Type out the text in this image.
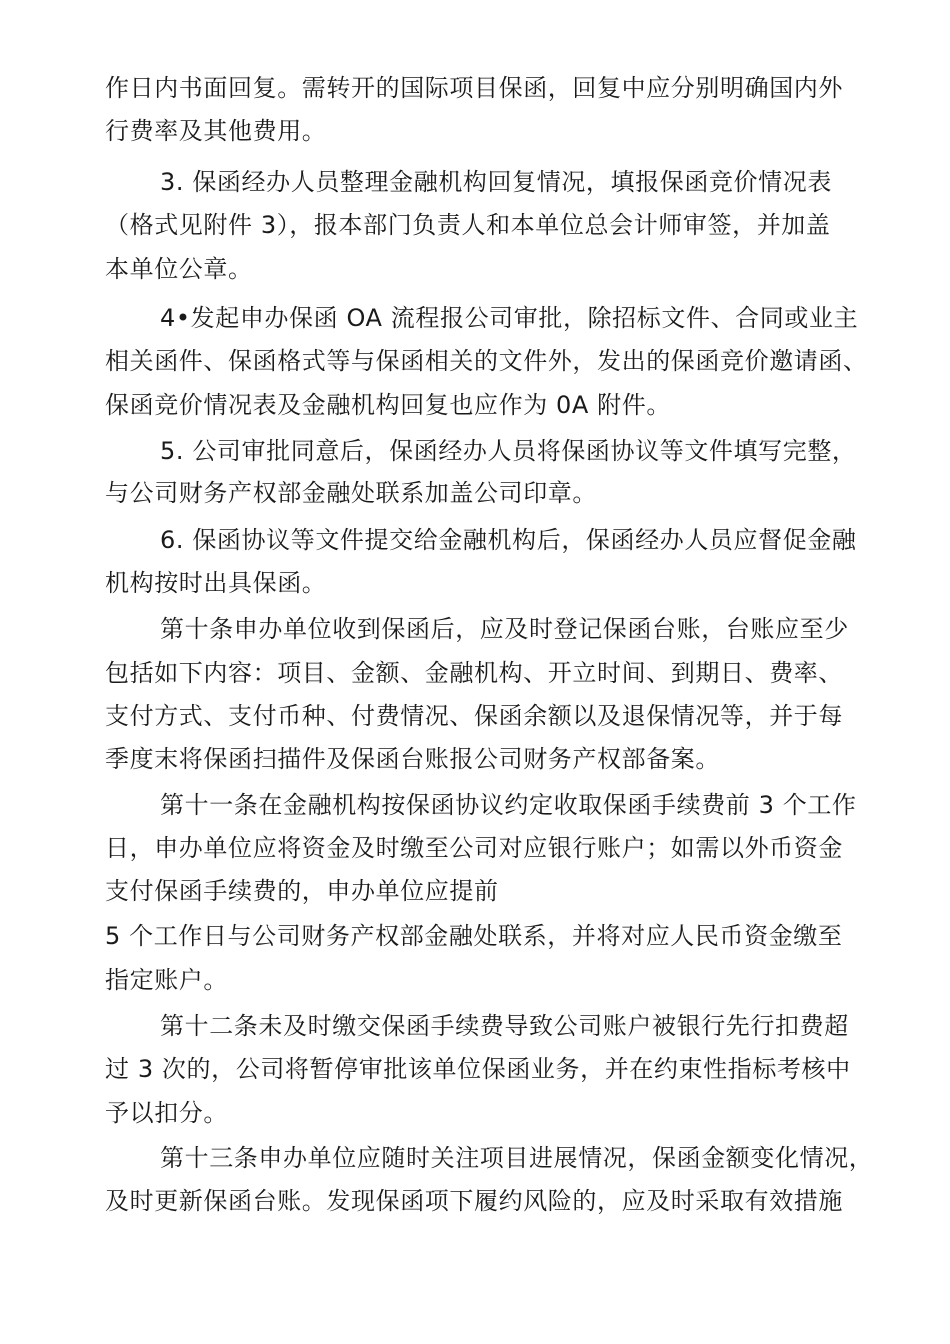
作日内书面回复。需转开的国际项目保函，回复中应分别明确国内外

行费率及其他费用。

3. 保函经办人员整理金融机构回复情况，填报保函竞价情况表

（格式见附件 3），报本部门负责人和本单位总会计师审签，并加盖

本单位公章。

4•发起申办保函 OA 流程报公司审批，除招标文件、合同或业主

相关函件、保函格式等与保函相关的文件外，发出的保函竞价邀请函、

保函竞价情况表及金融机构回复也应作为 0A 附件。

5. 公司审批同意后，保函经办人员将保函协议等文件填写完整，

与公司财务产权部金融处联系加盖公司印章。

6. 保函协议等文件提交给金融机构后，保函经办人员应督促金融

机构按时出具保函。

第十条申办单位收到保函后，应及时登记保函台账，台账应至少

包括如下内容：项目、金额、金融机构、开立时间、到期日、费率、

支付方式、支付币种、付费情况、保函余额以及退保情况等，并于每

季度末将保函扫描件及保函台账报公司财务产权部备案。

第十一条在金融机构按保函协议约定收取保函手续费前 3 个工作

日，申办单位应将资金及时缴至公司对应银行账户；如需以外币资金

支付保函手续费的，申办单位应提前

5 个工作日与公司财务产权部金融处联系，并将对应人民币资金缴至

指定账户。

第十二条未及时缴交保函手续费导致公司账户被银行先行扣费超

过 3 次的，公司将暂停审批该单位保函业务，并在约束性指标考核中

予以扣分。

第十三条申办单位应随时关注项目进展情况，保函金额变化情况，

及时更新保函台账。发现保函项下履约风险的，应及时采取有效措施
